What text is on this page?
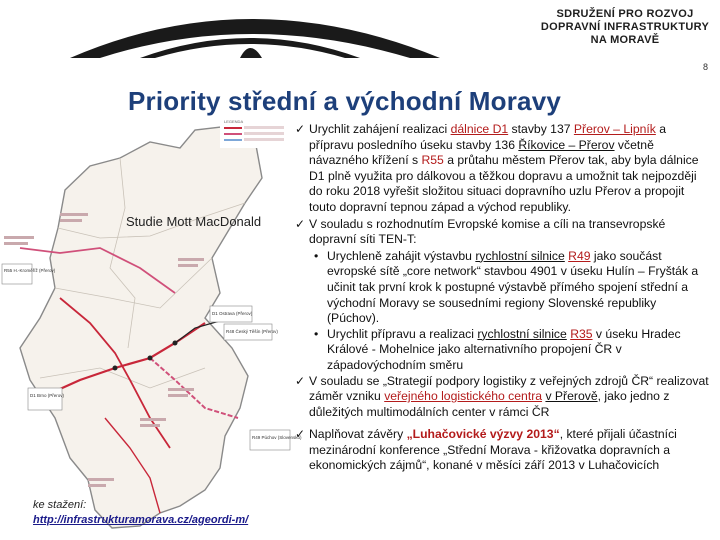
SDRUŽENÍ PRO ROZVOJ
DOPRAVNÍ INFRASTRUKTURY
NA MORAVĚ
8
Priority střední a východní Moravy
LEGENDA
R55 H.-Kroměříž (Přerov)
D1 Ostrava (Přerov)
R48 Český Těšín (Přerov)
D1 Brno (Přerov)
R49 Púchov (Slovensko)
Studie Mott MacDonald
ke stažení:
http://infrastrukturamorava.cz/ageordi-m/
✓ Urychlit zahájení realizaci dálnice D1 stavby 137 Přerov – Lipník a přípravu posledního úseku stavby 136 Říkovice – Přerov včetně návazného křížení s R55 a průtahu městem Přerov tak, aby byla dálnice D1 plně využita pro dálkovou a těžkou dopravu a umožnit tak nejpozději do roku 2018 vyřešit složitou situaci dopravního uzlu Přerov a propojit touto dopravní tepnou západ a východ republiky.
✓ V souladu s rozhodnutím Evropské komise a cíli na transevropské dopravní síti TEN-T:
• Urychleně zahájit výstavbu rychlostní silnice R49 jako součást evropské sítě „core network“ stavbou 4901 v úseku Hulín – Fryšták a učinit tak první krok k postupné výstavbě přímého spojení střední a východní Moravy se sousedními regiony Slovenské republiky (Púchov).
• Urychlit přípravu a realizaci rychlostní silnice R35 v úseku Hradec Králové - Mohelnice jako alternativního propojení ČR v západovýchodním směru
✓ V souladu se „Strategií podpory logistiky z veřejných zdrojů ČR“ realizovat záměr vzniku veřejného logistického centra v Přerově, jako jedno z důležitých multimodálních center v rámci ČR
✓ Naplňovat závěry „Luhačovické výzvy 2013“, které přijali účastníci mezinárodní konference „Střední Morava - křižovatka dopravních a ekonomických zájmů“, konané v měsíci září 2013 v Luhačovicích
